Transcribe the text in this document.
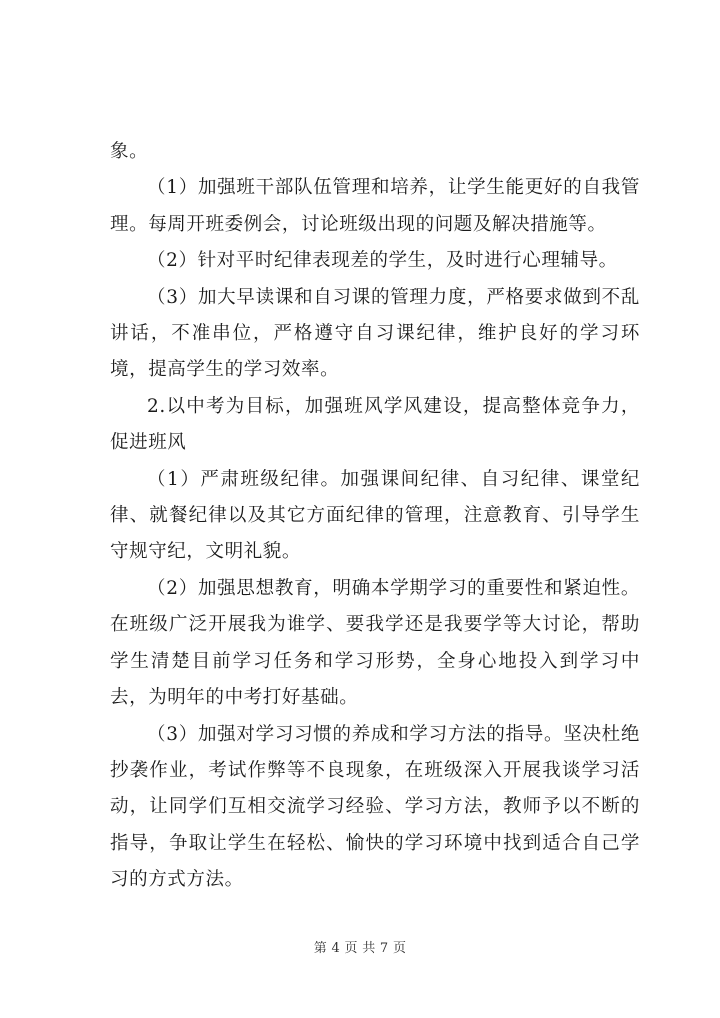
象。

（1）加强班干部队伍管理和培养，让学生能更好的自我管理。每周开班委例会，讨论班级出现的问题及解决措施等。

（2）针对平时纪律表现差的学生，及时进行心理辅导。

（3）加大早读课和自习课的管理力度，严格要求做到不乱讲话，不准串位，严格遵守自习课纪律，维护良好的学习环境，提高学生的学习效率。

2.以中考为目标，加强班风学风建设，提高整体竞争力，促进班风

（1）严肃班级纪律。加强课间纪律、自习纪律、课堂纪律、就餐纪律以及其它方面纪律的管理，注意教育、引导学生守规守纪，文明礼貌。

（2）加强思想教育，明确本学期学习的重要性和紧迫性。在班级广泛开展我为谁学、要我学还是我要学等大讨论，帮助学生清楚目前学习任务和学习形势，全身心地投入到学习中去，为明年的中考打好基础。

（3）加强对学习习惯的养成和学习方法的指导。坚决杜绝抄袭作业，考试作弊等不良现象，在班级深入开展我谈学习活动，让同学们互相交流学习经验、学习方法，教师予以不断的指导，争取让学生在轻松、愉快的学习环境中找到适合自己学习的方式方法。

第 4 页 共 7 页
